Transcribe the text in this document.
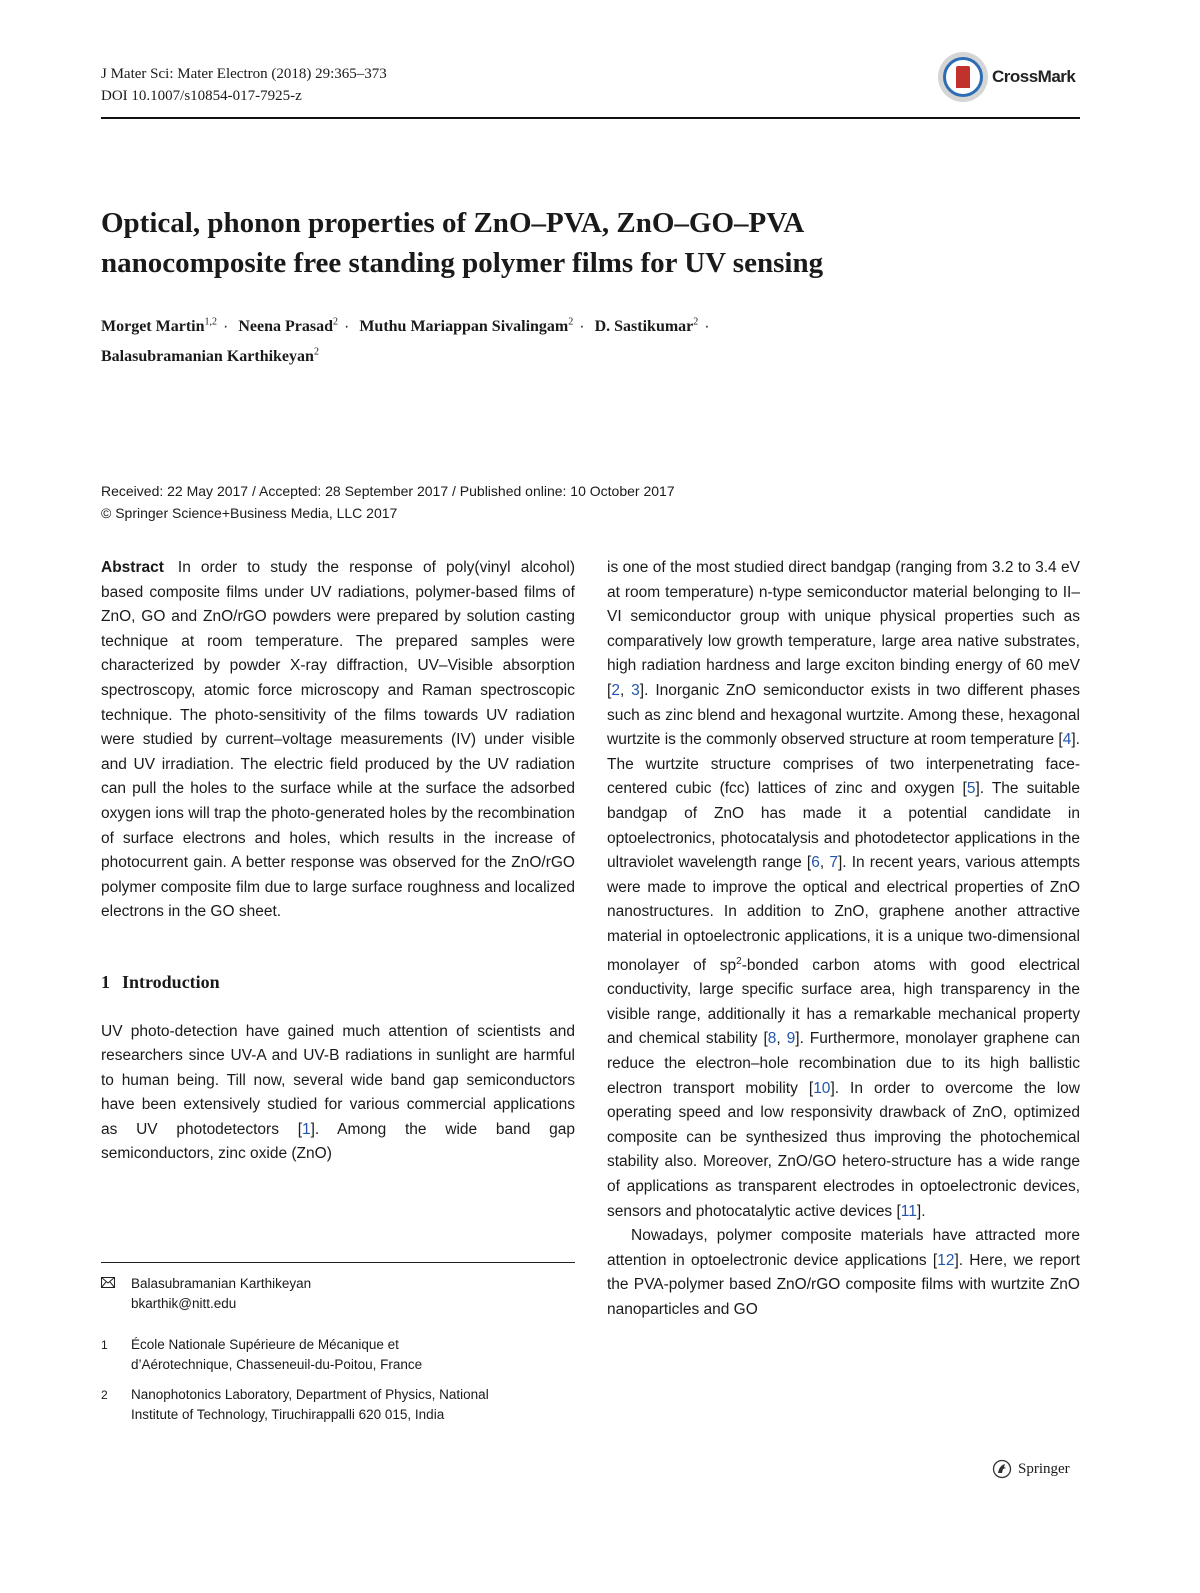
J Mater Sci: Mater Electron (2018) 29:365–373
DOI 10.1007/s10854-017-7925-z
CrossMark
Optical, phonon properties of ZnO–PVA, ZnO–GO–PVA
nanocomposite free standing polymer films for UV sensing
Morget Martin$^{1,2}$ · Neena Prasad$^2$ · Muthu Mariappan Sivalingam$^2$ · D. Sastikumar$^2$ ·
Balasubramanian Karthikeyan$^2$
Received: 22 May 2017 / Accepted: 28 September 2017 / Published online: 10 October 2017
© Springer Science+Business Media, LLC 2017

Abstract In order to study the response of poly(vinyl alcohol) based composite films under UV radiations, polymer-based films of ZnO, GO and ZnO/rGO powders were prepared by solution casting technique at room temperature. The prepared samples were characterized by powder X-ray diffraction, UV–Visible absorption spectroscopy, atomic force microscopy and Raman spectroscopic technique. The photo-sensitivity of the films towards UV radiation were studied by current–voltage measurements (IV) under visible and UV irradiation. The electric field produced by the UV radiation can pull the holes to the surface while at the surface the adsorbed oxygen ions will trap the photo-generated holes by the recombination of surface electrons and holes, which results in the increase of photocurrent gain. A better response was observed for the ZnO/rGO polymer composite film due to large surface roughness and localized electrons in the GO sheet.

1 Introduction

UV photo-detection have gained much attention of scientists and researchers since UV-A and UV-B radiations in sunlight are harmful to human being. Till now, several wide band gap semiconductors have been extensively studied for various commercial applications as UV photodetectors [1]. Among the wide band gap semiconductors, zinc oxide (ZnO)

is one of the most studied direct bandgap (ranging from 3.2 to 3.4 eV at room temperature) n-type semiconductor material belonging to II–VI semiconductor group with unique physical properties such as comparatively low growth temperature, large area native substrates, high radiation hardness and large exciton binding energy of 60 meV [2, 3]. Inorganic ZnO semiconductor exists in two different phases such as zinc blend and hexagonal wurtzite. Among these, hexagonal wurtzite is the commonly observed structure at room temperature [4]. The wurtzite structure comprises of two interpenetrating face-centered cubic (fcc) lattices of zinc and oxygen [5]. The suitable bandgap of ZnO has made it a potential candidate in optoelectronics, photocatalysis and photodetector applications in the ultraviolet wavelength range [6, 7]. In recent years, various attempts were made to improve the optical and electrical properties of ZnO nanostructures. In addition to ZnO, graphene another attractive material in optoelectronic applications, it is a unique two-dimensional monolayer of $sp^2$-bonded carbon atoms with good electrical conductivity, large specific surface area, high transparency in the visible range, additionally it has a remarkable mechanical property and chemical stability [8, 9]. Furthermore, monolayer graphene can reduce the electron–hole recombination due to its high ballistic electron transport mobility [10]. In order to overcome the low operating speed and low responsivity drawback of ZnO, optimized composite can be synthesized thus improving the photochemical stability also. Moreover, ZnO/GO hetero-structure has a wide range of applications as transparent electrodes in optoelectronic devices, sensors and photocatalytic active devices [11].

Nowadays, polymer composite materials have attracted more attention in optoelectronic device applications [12]. Here, we report the PVA-polymer based ZnO/rGO composite films with wurtzite ZnO nanoparticles and GO

Balasubramanian Karthikeyan
bkarthik@nitt.edu
1 École Nationale Supérieure de Mécanique et
d’Aérotechnique, Chasseneuil-du-Poitou, France
2 Nanophotonics Laboratory, Department of Physics, National
Institute of Technology, Tiruchirappalli 620 015, India
Springer
